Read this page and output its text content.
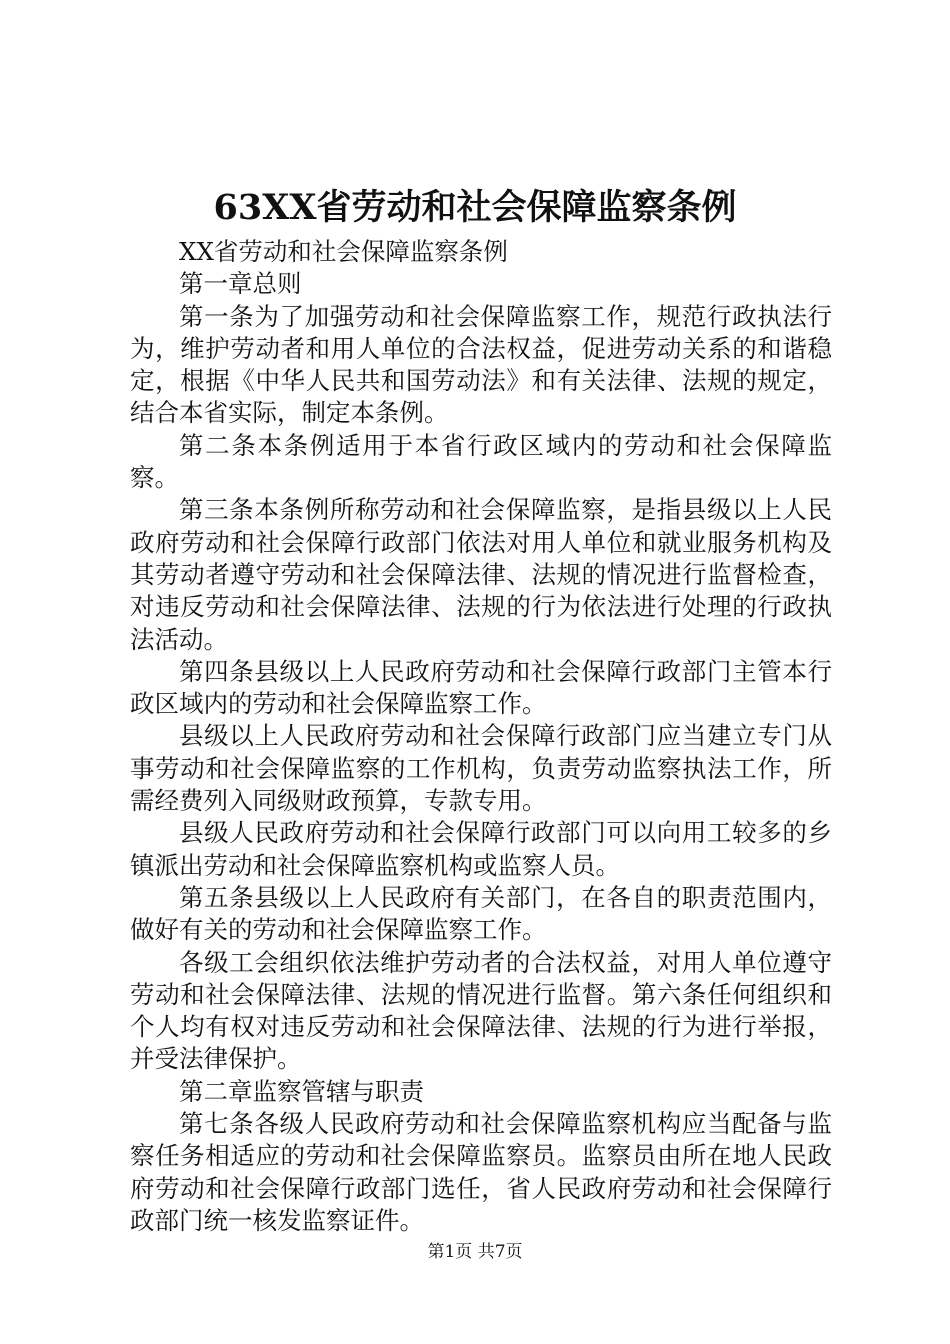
63XX省劳动和社会保障监察条例

XX省劳动和社会保障监察条例

第一章总则

第一条为了加强劳动和社会保障监察工作，规范行政执法行为，维护劳动者和用人单位的合法权益，促进劳动关系的和谐稳定，根据《中华人民共和国劳动法》和有关法律、法规的规定，结合本省实际，制定本条例。

第二条本条例适用于本省行政区域内的劳动和社会保障监察。

第三条本条例所称劳动和社会保障监察，是指县级以上人民政府劳动和社会保障行政部门依法对用人单位和就业服务机构及其劳动者遵守劳动和社会保障法律、法规的情况进行监督检查，对违反劳动和社会保障法律、法规的行为依法进行处理的行政执法活动。

第四条县级以上人民政府劳动和社会保障行政部门主管本行政区域内的劳动和社会保障监察工作。

县级以上人民政府劳动和社会保障行政部门应当建立专门从事劳动和社会保障监察的工作机构，负责劳动监察执法工作，所需经费列入同级财政预算，专款专用。

县级人民政府劳动和社会保障行政部门可以向用工较多的乡镇派出劳动和社会保障监察机构或监察人员。

第五条县级以上人民政府有关部门，在各自的职责范围内，做好有关的劳动和社会保障监察工作。

各级工会组织依法维护劳动者的合法权益，对用人单位遵守劳动和社会保障法律、法规的情况进行监督。第六条任何组织和个人均有权对违反劳动和社会保障法律、法规的行为进行举报，并受法律保护。

第二章监察管辖与职责

第七条各级人民政府劳动和社会保障监察机构应当配备与监察任务相适应的劳动和社会保障监察员。监察员由所在地人民政府劳动和社会保障行政部门选任，省人民政府劳动和社会保障行政部门统一核发监察证件。

第1页 共7页
